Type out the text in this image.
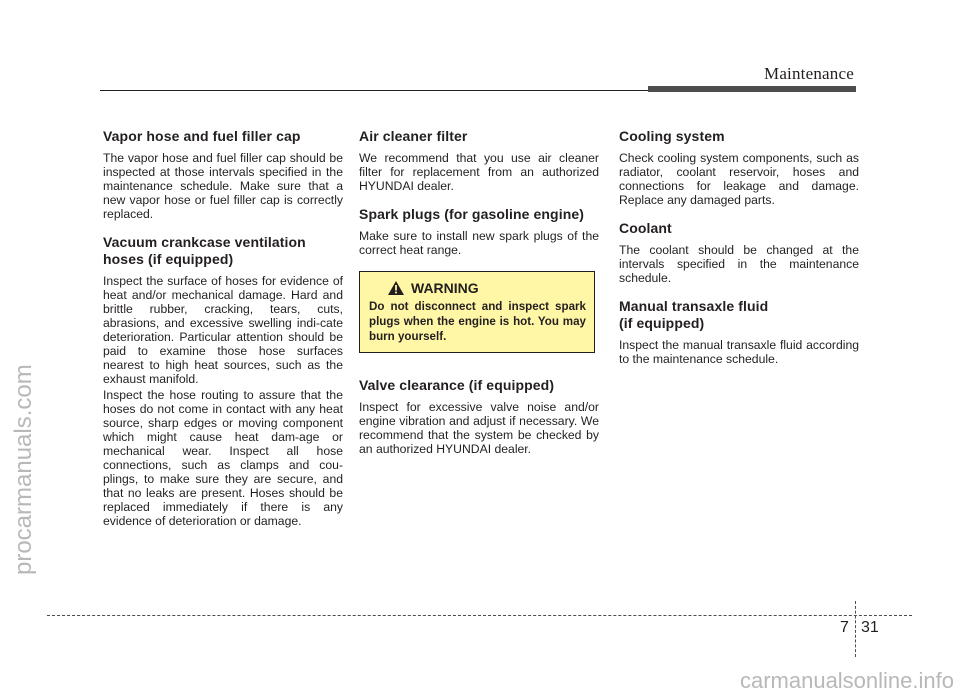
Maintenance
procarmanuals.com
Vapor hose and fuel filler cap

The vapor hose and fuel filler cap should be inspected at those intervals specified in the maintenance schedule. Make sure that a new vapor hose or fuel filler cap is correctly replaced.

Vacuum crankcase ventilation
hoses (if equipped)

Inspect the surface of hoses for evidence of heat and/or mechanical damage. Hard and brittle rubber, cracking, tears, cuts, abrasions, and excessive swelling indi-cate deterioration. Particular attention should be paid to examine those hose surfaces nearest to high heat sources, such as the exhaust manifold.

Inspect the hose routing to assure that the hoses do not come in contact with any heat source, sharp edges or moving component which might cause heat dam-age or mechanical wear. Inspect all hose connections, such as clamps and cou-plings, to make sure they are secure, and that no leaks are present. Hoses should be replaced immediately if there is any evidence of deterioration or damage.

Air cleaner filter

We recommend that you use air cleaner filter for replacement from an authorized HYUNDAI dealer.

Spark plugs (for gasoline engine)

Make sure to install new spark plugs of the correct heat range.

WARNING
Do not disconnect and inspect spark plugs when the engine is hot. You may burn yourself.
Valve clearance (if equipped)

Inspect for excessive valve noise and/or engine vibration and adjust if necessary. We recommend that the system be checked by an authorized HYUNDAI dealer.

Cooling system

Check cooling system components, such as radiator, coolant reservoir, hoses and connections for leakage and damage. Replace any damaged parts.

Coolant

The coolant should be changed at the intervals specified in the maintenance schedule.

Manual transaxle fluid
(if equipped)

Inspect the manual transaxle fluid according to the maintenance schedule.

7 31
carmanualsonline.info
